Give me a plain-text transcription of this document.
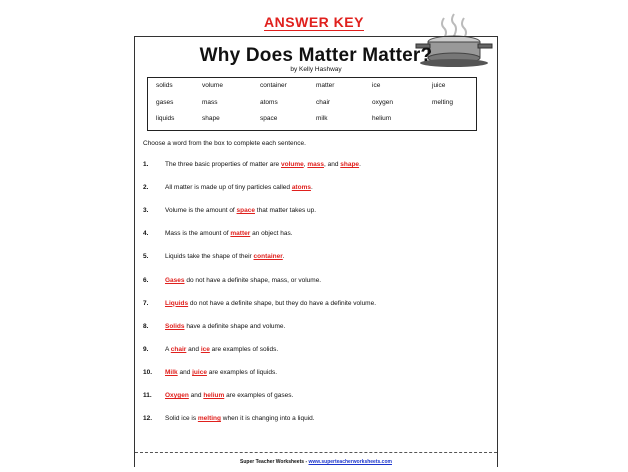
ANSWER KEY
Why Does Matter Matter?
by Kelly Hashway
solids	volume	container	matter	ice	juice
gases	mass	atoms	chair	oxygen	melting
liquids	shape	space	milk	helium
Choose a word from the box to complete each sentence.
1.	The three basic properties of matter are volume, mass, and shape.
2.	All matter is made up of tiny particles called atoms.
3.	Volume is the amount of space that matter takes up.
4.	Mass is the amount of matter an object has.
5.	Liquids take the shape of their container.
6.	Gases do not have a definite shape, mass, or volume.
7.	Liquids do not have a definite shape, but they do have a definite volume.
8.	Solids have a definite shape and volume.
9.	A chair and ice are examples of solids.
10. Milk and juice are examples of liquids.
11. Oxygen and helium are examples of gases.
12. Solid ice is melting when it is changing into a liquid.
Super Teacher Worksheets - www.superteacherworksheets.com
